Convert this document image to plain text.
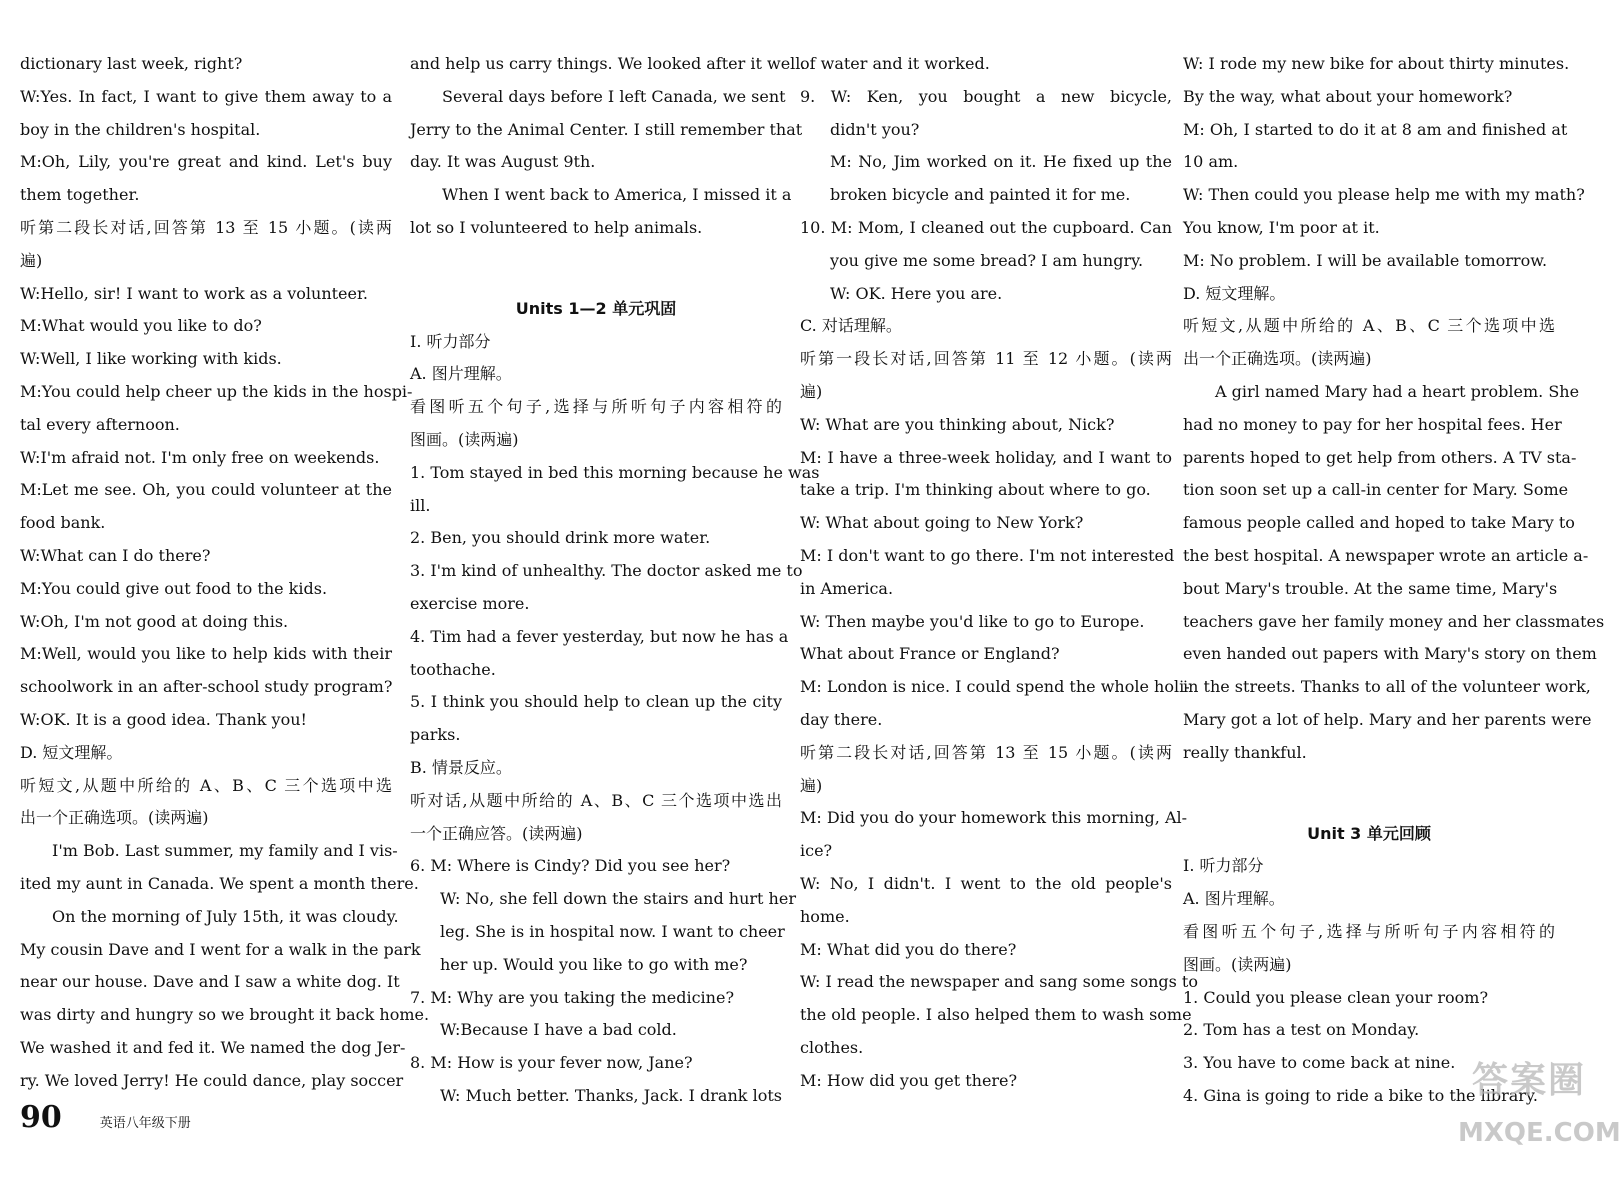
dictionary last week, right?
W:Yes. In fact, I want to give them away to a
boy in the children's hospital.
M:Oh, Lily, you're great and kind. Let's buy
them together.
听第二段长对话,回答第 13 至 15 小题。(读两
遍)
W:Hello, sir! I want to work as a volunteer.
M:What would you like to do?
W:Well, I like working with kids.
M:You could help cheer up the kids in the hospi-
tal every afternoon.
W:I'm afraid not. I'm only free on weekends.
M:Let me see. Oh, you could volunteer at the
food bank.
W:What can I do there?
M:You could give out food to the kids.
W:Oh, I'm not good at doing this.
M:Well, would you like to help kids with their
schoolwork in an after-school study program?
W:OK. It is a good idea. Thank you!
D. 短文理解。
听短文,从题中所给的 A、B、C 三个选项中选
出一个正确选项。(读两遍)
I'm Bob. Last summer, my family and I vis-
ited my aunt in Canada. We spent a month there.
On the morning of July 15th, it was cloudy.
My cousin Dave and I went for a walk in the park
near our house. Dave and I saw a white dog. It
was dirty and hungry so we brought it back home.
We washed it and fed it. We named the dog Jer-
ry. We loved Jerry! He could dance, play soccer
and help us carry things. We looked after it well.
Several days before I left Canada, we sent
Jerry to the Animal Center. I still remember that
day. It was August 9th.
When I went back to America, I missed it a
lot so I volunteered to help animals.
Units 1—2 单元巩固
I. 听力部分
A. 图片理解。
看图听五个句子,选择与所听句子内容相符的
图画。(读两遍)
1. Tom stayed in bed this morning because he was
ill.
2. Ben, you should drink more water.
3. I'm kind of unhealthy. The doctor asked me to
exercise more.
4. Tim had a fever yesterday, but now he has a
toothache.
5. I think you should help to clean up the city
parks.
B. 情景反应。
听对话,从题中所给的 A、B、C 三个选项中选出
一个正确应答。(读两遍)
6. M: Where is Cindy? Did you see her?
W: No, she fell down the stairs and hurt her
leg. She is in hospital now. I want to cheer
her up. Would you like to go with me?
7. M: Why are you taking the medicine?
W:Because I have a bad cold.
8. M: How is your fever now, Jane?
W: Much better. Thanks, Jack. I drank lots
of water and it worked.
9. W: Ken, you bought a new bicycle,
didn't you?
M: No, Jim worked on it. He fixed up the
broken bicycle and painted it for me.
10. M: Mom, I cleaned out the cupboard. Can
you give me some bread? I am hungry.
W: OK. Here you are.
C. 对话理解。
听第一段长对话,回答第 11 至 12 小题。(读两
遍)
W: What are you thinking about, Nick?
M: I have a three-week holiday, and I want to
take a trip. I'm thinking about where to go.
W: What about going to New York?
M: I don't want to go there. I'm not interested
in America.
W: Then maybe you'd like to go to Europe.
What about France or England?
M: London is nice. I could spend the whole holi-
day there.
听第二段长对话,回答第 13 至 15 小题。(读两
遍)
M: Did you do your homework this morning, Al-
ice?
W: No, I didn't. I went to the old people's
home.
M: What did you do there?
W: I read the newspaper and sang some songs to
the old people. I also helped them to wash some
clothes.
M: How did you get there?
W: I rode my new bike for about thirty minutes.
By the way, what about your homework?
M: Oh, I started to do it at 8 am and finished at
10 am.
W: Then could you please help me with my math?
You know, I'm poor at it.
M: No problem. I will be available tomorrow.
D. 短文理解。
听短文,从题中所给的 A、B、C 三个选项中选
出一个正确选项。(读两遍)
A girl named Mary had a heart problem. She
had no money to pay for her hospital fees. Her
parents hoped to get help from others. A TV sta-
tion soon set up a call-in center for Mary. Some
famous people called and hoped to take Mary to
the best hospital. A newspaper wrote an article a-
bout Mary's trouble. At the same time, Mary's
teachers gave her family money and her classmates
even handed out papers with Mary's story on them
in the streets. Thanks to all of the volunteer work,
Mary got a lot of help. Mary and her parents were
really thankful.
Unit 3 单元回顾
I. 听力部分
A. 图片理解。
看图听五个句子,选择与所听句子内容相符的
图画。(读两遍)
1. Could you please clean your room?
2. Tom has a test on Monday.
3. You have to come back at nine.
4. Gina is going to ride a bike to the library.
90	英语八年级下册
答案圈
MXQE.COM
